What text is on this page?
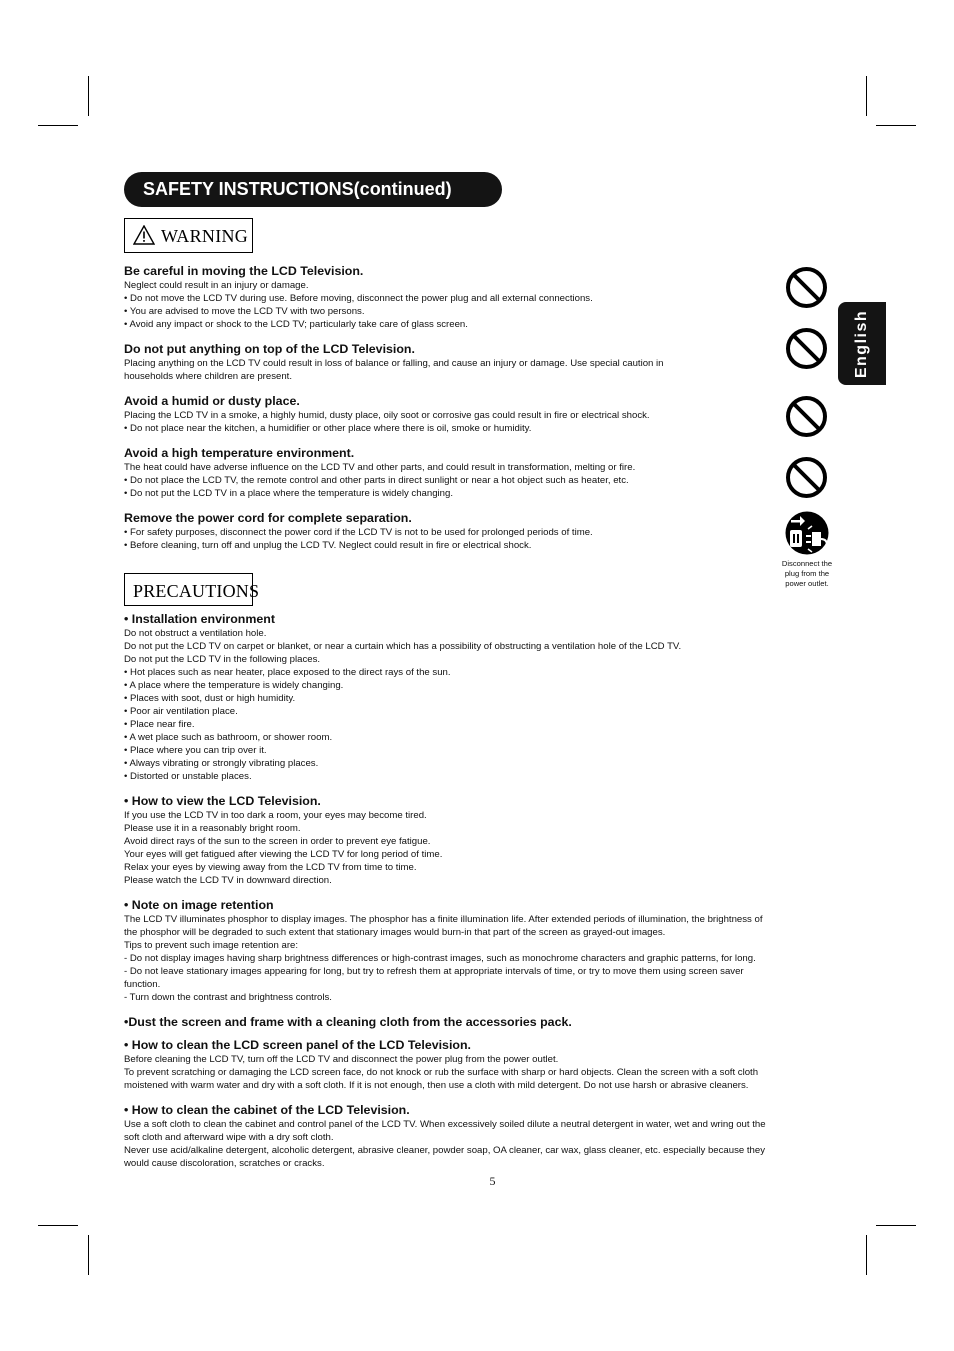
SAFETY INSTRUCTIONS(continued)
WARNING

Be careful in moving the LCD Television.

Neglect could result in an injury or damage.

• Do not move the LCD TV during use. Before moving, disconnect the power plug and all external connections.

• You are advised to move the LCD TV with two persons.

• Avoid any impact or shock to the LCD TV; particularly take care of glass screen.

Do not put anything on top of the LCD Television.

Placing anything on the LCD TV could result in loss of balance or falling, and cause an injury or damage. Use special caution in

households where children are present.

Avoid a humid or dusty place.

Placing the LCD TV in a smoke, a highly humid, dusty place, oily soot or corrosive gas could result in fire or electrical shock.

• Do not place near the kitchen, a humidifier or other place where there is oil, smoke or humidity.

Avoid a high temperature environment.

The heat could have adverse influence on the LCD TV and other parts, and could result in transformation, melting or fire.

• Do not place the LCD TV, the remote control and other parts in direct sunlight or near a hot object such as heater, etc.

• Do not put the LCD TV in a place where the temperature is widely changing.

Remove the power cord for complete separation.

• For safety purposes, disconnect the power cord if the LCD TV is not to be used for prolonged periods of time.

• Before cleaning, turn off and unplug the LCD TV. Neglect could result in fire or electrical shock.

Disconnect the
plug from the
power outlet.
English
PRECAUTIONS

• Installation environment

Do not obstruct a ventilation hole.

Do not put the LCD TV on carpet or blanket, or near a curtain which has a possibility of obstructing a ventilation hole of the LCD TV.

Do not put the LCD TV in the following places.

• Hot places such as near heater, place exposed to the direct rays of the sun.

• A place where the temperature is widely changing.

• Places with soot, dust or high humidity.

• Poor air ventilation place.

• Place near fire.

• A wet place such as bathroom, or shower room.

• Place where you can trip over it.

• Always vibrating or strongly vibrating places.

• Distorted or unstable places.

• How to view the LCD Television.

If you use the LCD TV in too dark a room, your eyes may become tired.

Please use it in a reasonably bright room.

Avoid direct rays of the sun to the screen in order to prevent eye fatigue.

Your eyes will get fatigued after viewing the LCD TV for long period of time.

Relax your eyes by viewing away from the LCD TV from time to time.

Please watch the LCD TV in downward direction.

• Note on image retention

The LCD TV illuminates phosphor to display images. The phosphor has a finite illumination life. After extended periods of illumination, the brightness of

the phosphor will be degraded to such extent that stationary images would burn-in that part of the screen as grayed-out images.

Tips to prevent such image retention are:

- Do not display images having sharp brightness differences or high-contrast images, such as monochrome characters and graphic patterns, for long.

- Do not leave stationary images appearing for long, but try to refresh them at appropriate intervals of time, or try to move them using screen saver

function.

- Turn down the contrast and brightness controls.

•Dust the screen and frame with a cleaning cloth from the accessories pack.

• How to clean the LCD screen panel of the LCD Television.

Before cleaning the LCD TV, turn off the LCD TV and disconnect the power plug from the power outlet.

To prevent scratching or damaging the LCD screen face, do not knock or rub the surface with sharp or hard objects. Clean the screen with a soft cloth

moistened with warm water and dry with a soft cloth. If it is not enough, then use a cloth with mild detergent. Do not use harsh or abrasive cleaners.

• How to clean the cabinet of the LCD Television.

Use a soft cloth to clean the cabinet and control panel of the LCD TV. When excessively soiled dilute a neutral detergent in water, wet and wring out the

soft cloth and afterward wipe with a dry soft cloth.

Never use acid/alkaline detergent, alcoholic detergent, abrasive cleaner, powder soap, OA cleaner, car wax, glass cleaner, etc. especially because they

would cause discoloration, scratches or cracks.

5
